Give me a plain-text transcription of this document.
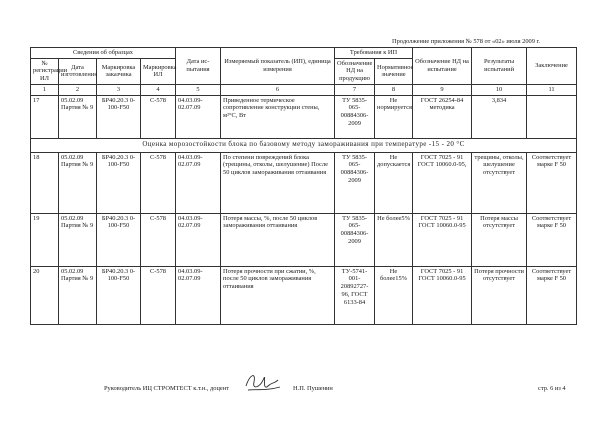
Продолжение приложения № 578 от «02» июля 2009 г.
Сведения об образцах				Дата ис-пытания	Измеряемый показатель (ИП), единица измерения	Требования к ИП		Обозначение НД на испытание	Результаты испытаний	Заключение
№ регистрации ИЛ	Дата изготовления	Маркировка заказчика	Маркировка ИЛ			Обозначение НД на продукцию	Нормативное значение			
1	2	3	4	5	6	7	8	9	10	11
17	05.02.09 Партия № 9	БР40.20.3 0-100-F50	С-578	04.03.09-02.07.09	Приведенное термическое сопротивление конструкции стены, м²°С, Вт	ТУ 5835-065-00884306-2009	Не нормируется	ГОСТ 26254-84 методика	3,834	
Оценка морозостойкости блока по базовому методу замораживания при температуре -15 - 20 °С										
18	05.02.09 Партия № 9	БР40.20.3 0-100-F50	С-578	04.03.09-02.07.09	По степени повреждений блока (трещины, отколы, шелушение) После 50 циклов замораживания оттаивания	ТУ 5835-065-00884306-2009	Не допускается	ГОСТ 7025 - 91 ГОСТ 10060.0-95,	трещины, отколы, шелушение отсутствует	Соответствует марке F 50
19	05.02.09 Партия № 9	БР40.20.3 0-100-F50	С-578	04.03.09-02.07.09	Потеря массы, %, после 50 циклов замораживания оттаивания	ТУ 5835-065-00884306-2009	Не более5%	ГОСТ 7025 - 91 ГОСТ 10060.0-95	Потеря массы отсутствует	Соответствует марке F 50
20	05.02.09 Партия № 9	БР40.20.3 0-100-F50	С-578	04.03.09-02.07.09	Потеря прочности при сжатии, %, после 50 циклов замораживания оттаивания	ТУ-5741-001-20892727-96, ГОСТ 6133-84	Не более15%	ГОСТ 7025 - 91 ГОСТ 10060.0-95	Потеря прочности отсутствует	Соответствует марке F 50
Руководитель ИЦ СТРОМТЕСТ к.т.н., доцент	Н.П. Пушенин	стр. 6 из 4
